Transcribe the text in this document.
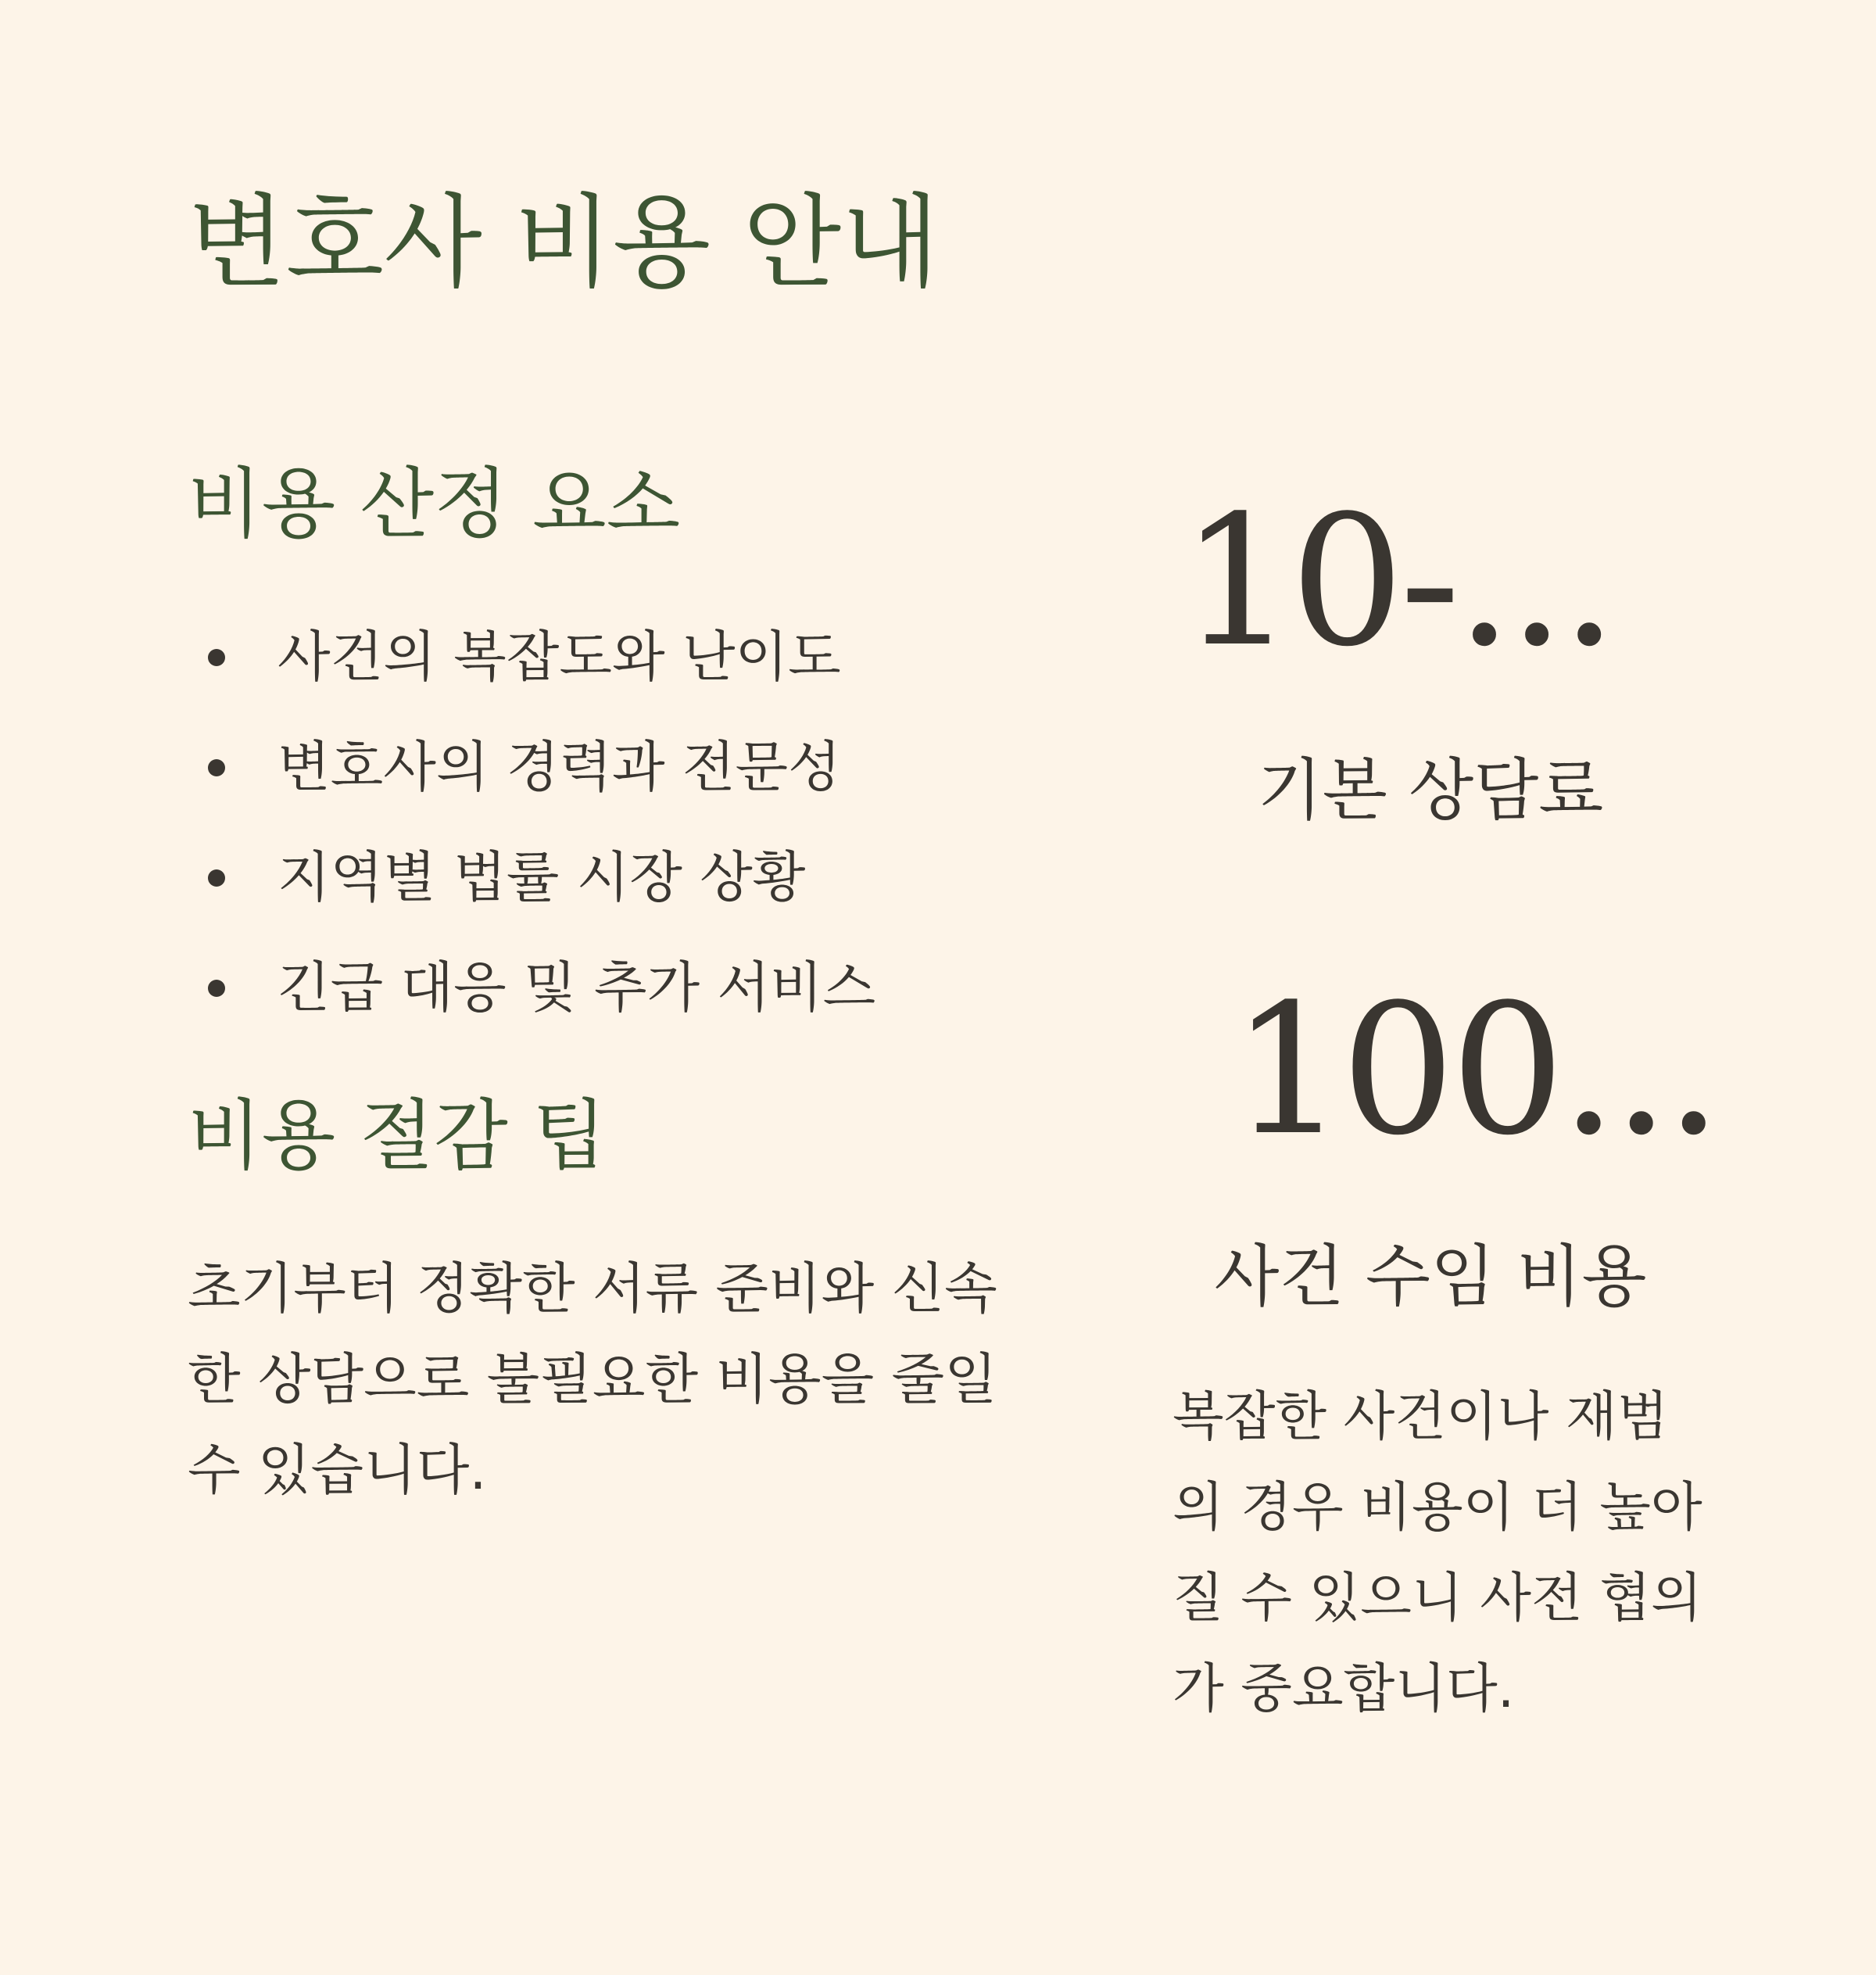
변호사 비용 안내
비용 산정 요소
사건의 복잡도와 난이도
변호사의 경력과 전문성
지역별 법률 시장 상황
긴급 대응 및 추가 서비스
비용 절감 팁

초기부터 정확한 서류 준비와 신속한 상담으로 불필요한 비용을 줄일 수 있습니다.

10-...
기본 상담료
100...
사건 수임 비용

복잡한 사건이나 재범의 경우 비용이 더 높아질 수 있으니 사전 협의가 중요합니다.
